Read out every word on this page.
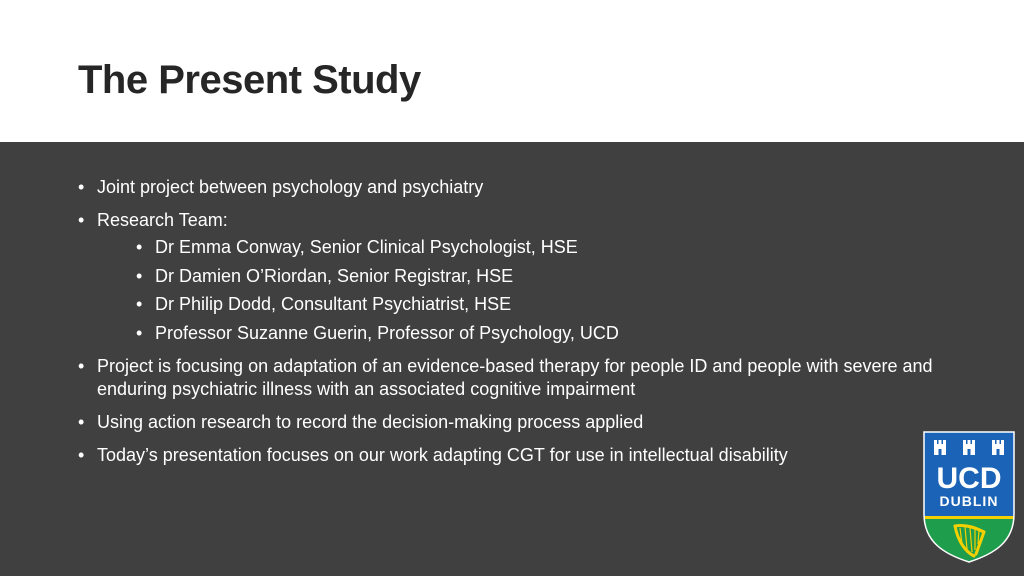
The Present Study
• Joint project between psychology and psychiatry
• Research Team:
• Dr Emma Conway, Senior Clinical Psychologist, HSE
• Dr Damien O’Riordan, Senior Registrar, HSE
• Dr Philip Dodd, Consultant Psychiatrist, HSE
• Professor Suzanne Guerin, Professor of Psychology, UCD
• Project is focusing on adaptation of an evidence-based therapy for people ID and people with severe and enduring psychiatric illness with an associated cognitive impairment
• Using action research to record the decision-making process applied
• Today’s presentation focuses on our work adapting CGT for use in intellectual disability
UCD
DUBLIN
